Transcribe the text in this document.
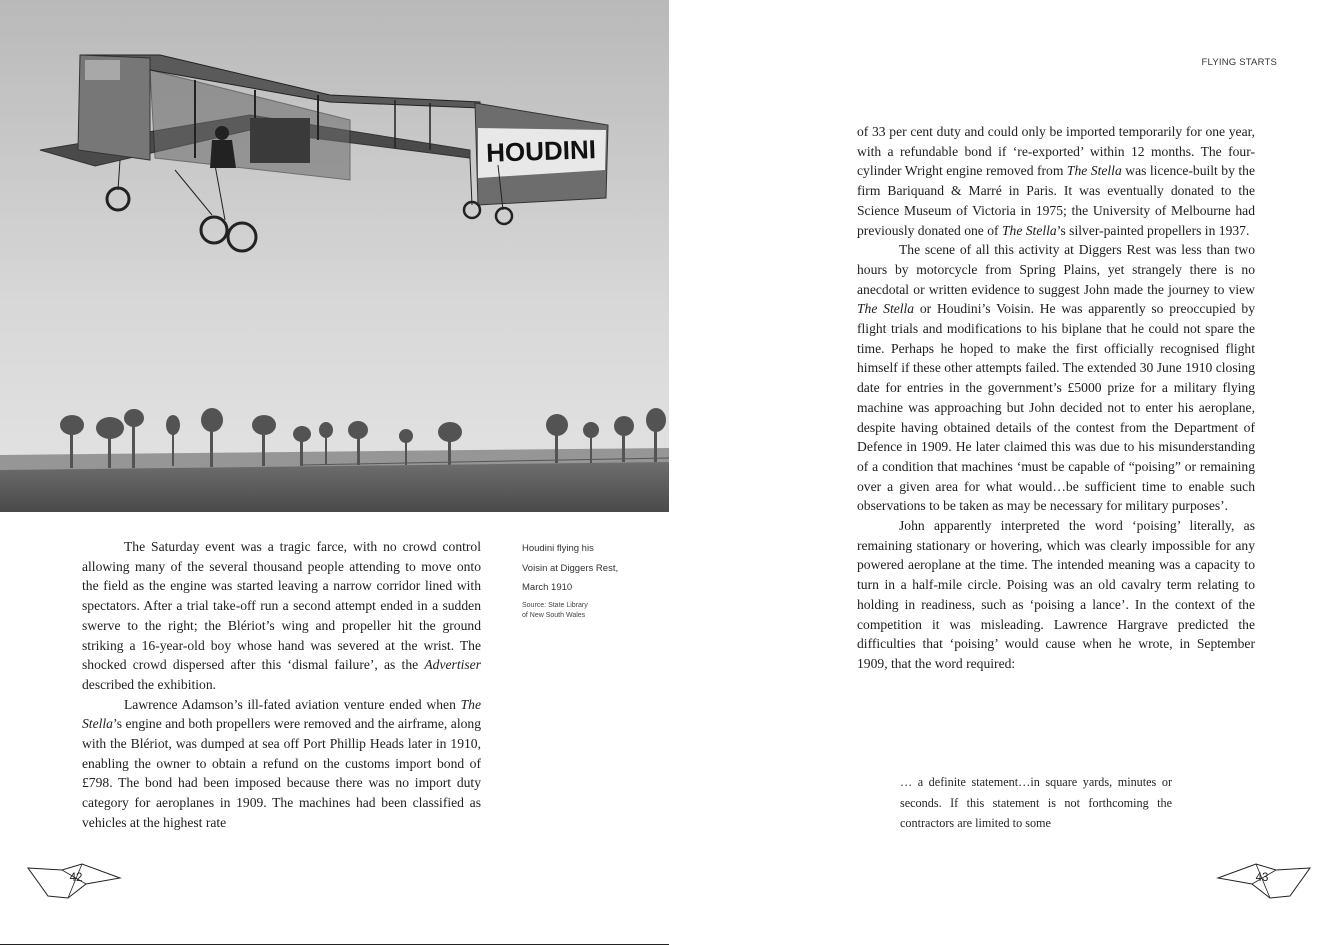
HOUDINI

The Saturday event was a tragic farce, with no crowd control allowing many of the several thousand people attending to move onto the field as the engine was started leaving a narrow corridor lined with spectators. After a trial take-off run a second attempt ended in a sudden swerve to the right; the Blériot’s wing and propeller hit the ground striking a 16-year-old boy whose hand was severed at the wrist. The shocked crowd dispersed after this ‘dismal failure’, as the Advertiser described the exhibition.

Lawrence Adamson’s ill-fated aviation venture ended when The Stella’s engine and both propellers were removed and the airframe, along with the Blériot, was dumped at sea off Port Phillip Heads later in 1910, enabling the owner to obtain a refund on the customs import bond of £798. The bond had been imposed because there was no import duty category for aeroplanes in 1909. The machines had been classified as vehicles at the highest rate

Houdini flying his
Voisin at Diggers Rest,
March 1910
Source: State Library
of New South Wales
42
FLYING STARTS

of 33 per cent duty and could only be imported temporarily for one year, with a refundable bond if ‘re-exported’ within 12 months. The four-cylinder Wright engine removed from The Stella was licence-built by the firm Bariquand & Marré in Paris. It was eventually donated to the Science Museum of Victoria in 1975; the University of Melbourne had previously donated one of The Stella’s silver-painted propellers in 1937.

The scene of all this activity at Diggers Rest was less than two hours by motorcycle from Spring Plains, yet strangely there is no anecdotal or written evidence to suggest John made the journey to view The Stella or Houdini’s Voisin. He was apparently so preoccupied by flight trials and modifications to his biplane that he could not spare the time. Perhaps he hoped to make the first officially recognised flight himself if these other attempts failed. The extended 30 June 1910 closing date for entries in the government’s £5000 prize for a military flying machine was approaching but John decided not to enter his aeroplane, despite having obtained details of the contest from the Department of Defence in 1909. He later claimed this was due to his misunderstanding of a condition that machines ‘must be capable of “poising” or remaining over a given area for what would…be sufficient time to enable such observations to be taken as may be necessary for military purposes’.

John apparently interpreted the word ‘poising’ literally, as remaining stationary or hovering, which was clearly impossible for any powered aeroplane at the time. The intended meaning was a capacity to turn in a half-mile circle. Poising was an old cavalry term relating to holding in readiness, such as ‘poising a lance’. In the context of the competition it was misleading. Lawrence Hargrave predicted the difficulties that ‘poising’ would cause when he wrote, in September 1909, that the word required:

… a definite statement…in square yards, minutes or seconds. If this statement is not forthcoming the contractors are limited to some
43
